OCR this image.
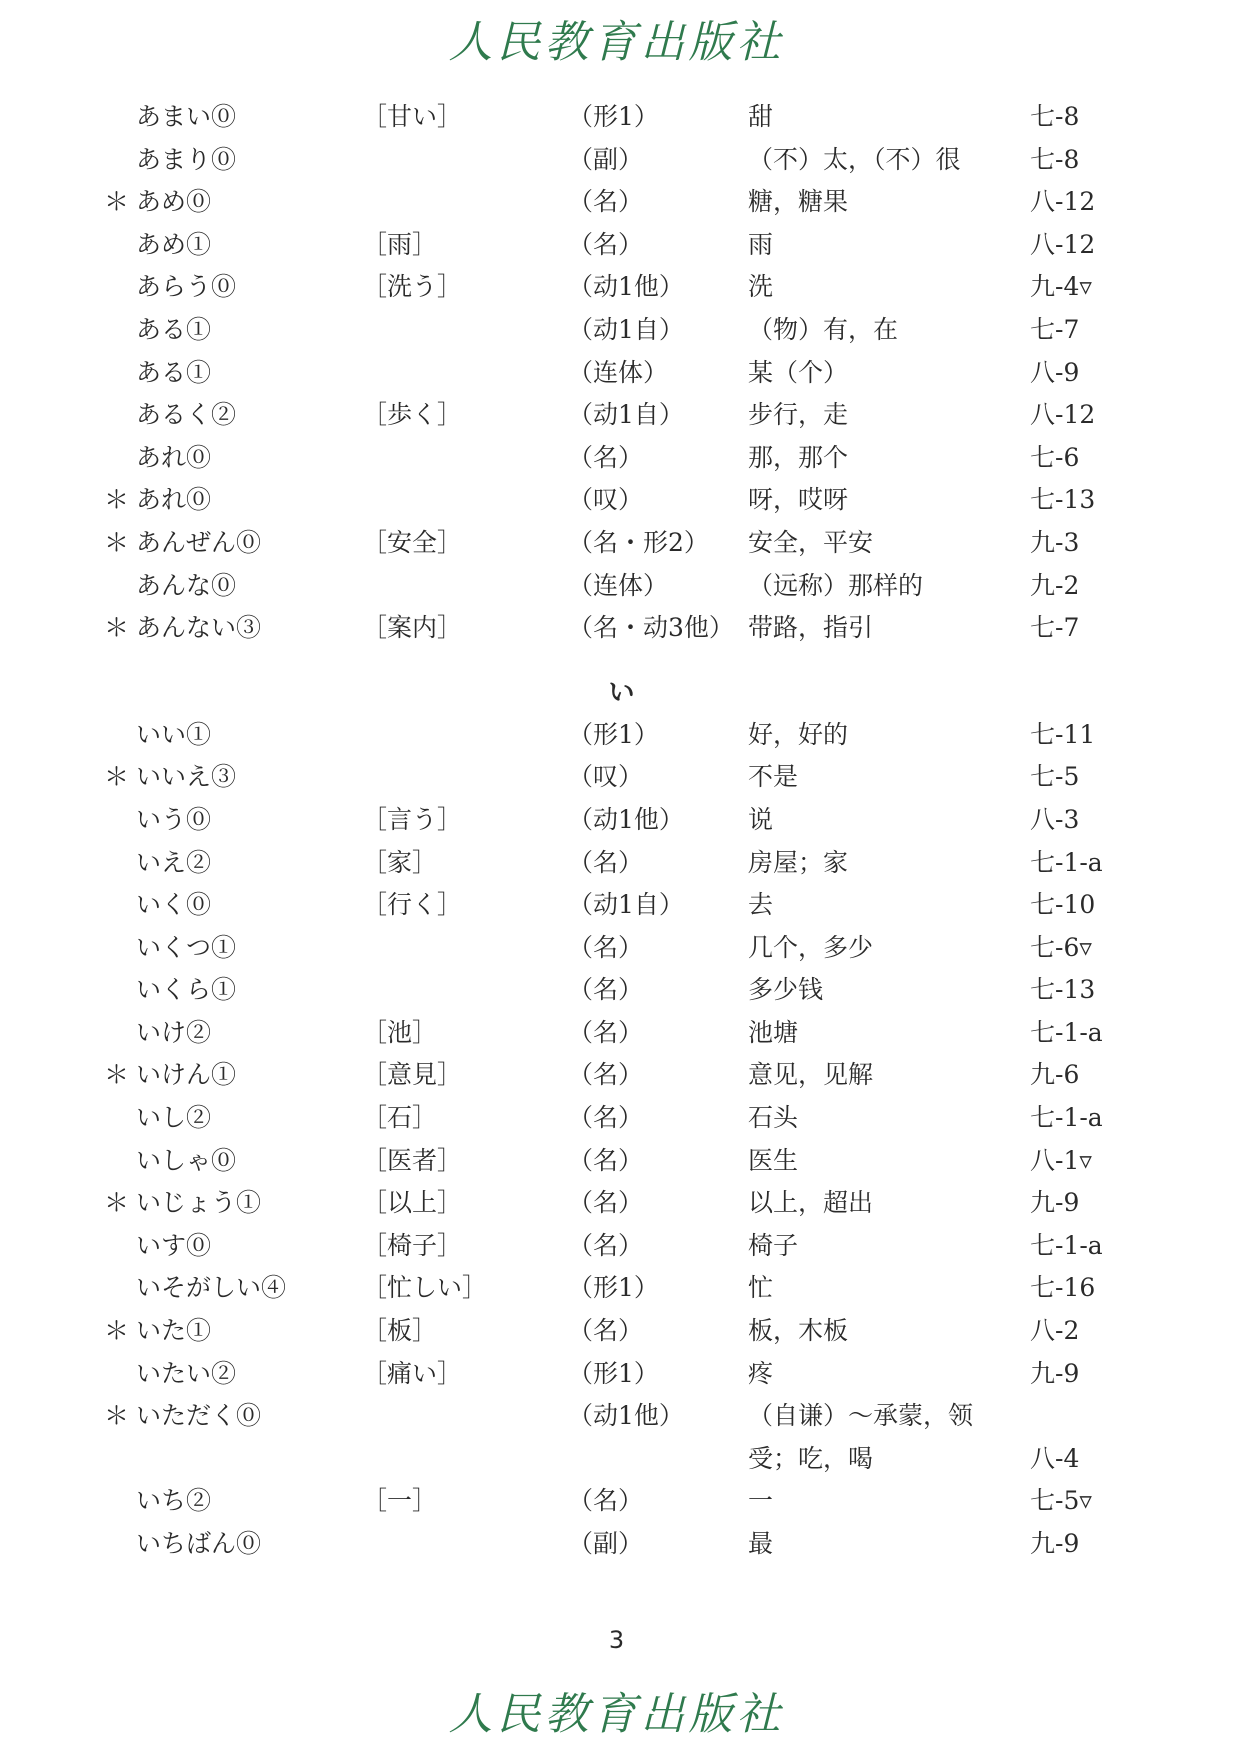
人民教育出版社
あまい⓪	［甘い］	（形1）	甜	七-8
あまり⓪	（副）	（不）太，（不）很	七-8
＊ あめ⓪	（名）	糖，糖果	八-12
あめ①	［雨］	（名）	雨	八-12
あらう⓪	［洗う］	（动1他）	洗	九-4▿
ある①	（动1自）	（物）有，在	七-7
ある①	（连体）	某（个）	八-9
あるく②	［歩く］	（动1自）	步行，走	八-12
あれ⓪	（名）	那，那个	七-6
＊ あれ⓪	（叹）	呀，哎呀	七-13
＊ あんぜん⓪	［安全］	（名・形2） 安全，平安	九-3
あんな⓪	（连体）	（远称）那样的	九-2
＊ あんない③	［案内］	（名・动3他） 带路，指引	七-7
い
いい①	（形1）	好，好的	七-11
＊ いいえ③	（叹）	不是	七-5
いう⓪	［言う］	（动1他）	说	八-3
いえ②	［家］	（名）	房屋；家	七-1-a
いく⓪	［行く］	（动1自）	去	七-10
いくつ①	（名）	几个，多少	七-6▿
いくら①	（名）	多少钱	七-13
いけ②	［池］	（名）	池塘	七-1-a
＊ いけん①	［意見］	（名）	意见，见解	九-6
いし②	［石］	（名）	石头	七-1-a
いしゃ⓪	［医者］	（名）	医生	八-1▿
＊ いじょう①	［以上］	（名）	以上，超出	九-9
いす⓪	［椅子］	（名）	椅子	七-1-a
いそがしい④	［忙しい］	（形1）	忙	七-16
＊ いた①	［板］	（名）	板，木板	八-2
いたい②	［痛い］	（形1）	疼	九-9
＊ いただく⓪	（动1他）	（自谦）～承蒙，领
受；吃，喝	八-4
いち②	［一］	（名）	一	七-5▿
いちばん⓪	（副）	最	九-9
3
人民教育出版社
